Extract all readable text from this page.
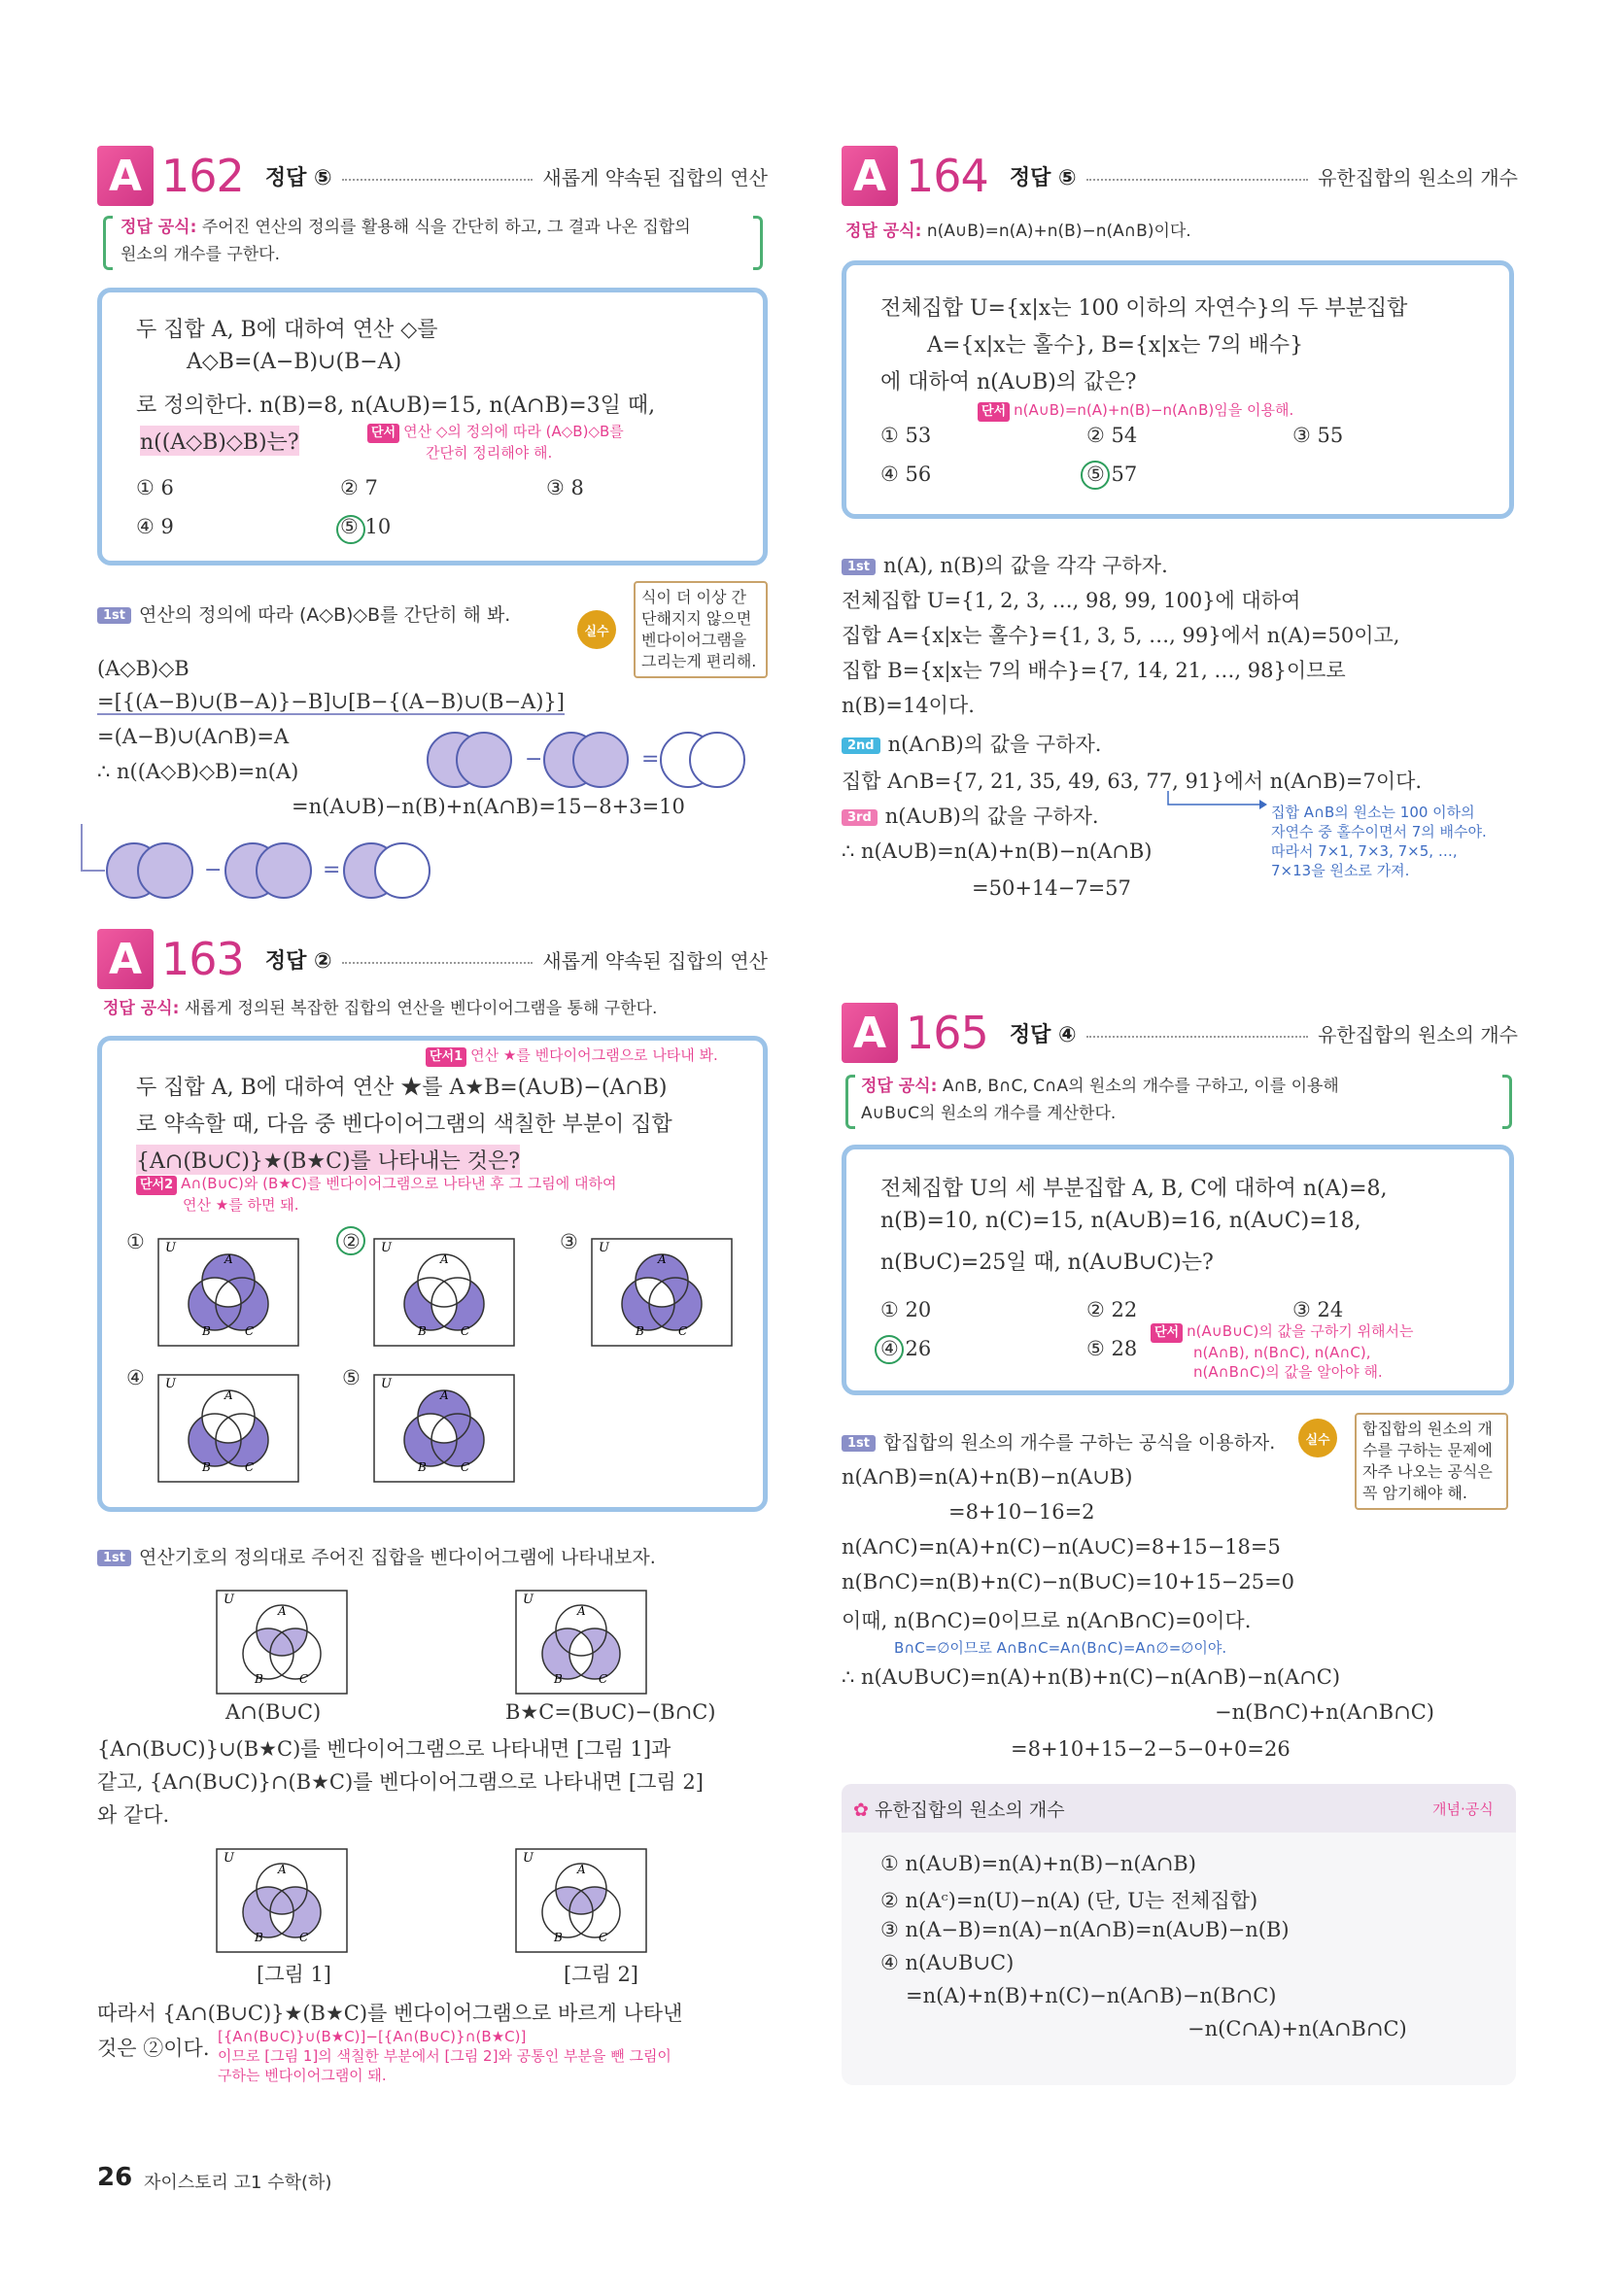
A 162 정답 ⑤	새롭게 약속된 집합의 연산
정답 공식: 주어진 연산의 정의를 활용해 식을 간단히 하고, 그 결과 나온 집합의
원소의 개수를 구한다.
두 집합 A, B에 대하여 연산 ◇를
A◇B=(A−B)∪(B−A)
로 정의한다. n(B)=8, n(A∪B)=15, n(A∩B)=3일 때,
n((A◇B)◇B)는?	단서 연산 ◇의 정의에 따라 (A◇B)◇B를
간단히 정리해야 해.
① 6	② 7	③ 8
④ 9	⑤ 10
1st 연산의 정의에 따라 (A◇B)◇B를 간단히 해 봐.
실수
식이 더 이상 간
단해지지 않으면
벤다이어그램을
그리는게 편리해.
(A◇B)◇B
=[{(A−B)∪(B−A)}−B]∪[B−{(A−B)∪(B−A)}]
=(A−B)∪(A∩B)=A
∴ n((A◇B)◇B)=n(A)
=n(A∪B)−n(B)+n(A∩B)=15−8+3=10
−	=
−	=
A 163 정답 ②	새롭게 약속된 집합의 연산
정답 공식: 새롭게 정의된 복잡한 집합의 연산을 벤다이어그램을 통해 구한다.
단서1 연산 ★를 벤다이어그램으로 나타내 봐.
두 집합 A, B에 대하여 연산 ★를 A★B=(A∪B)−(A∩B)
로 약속할 때, 다음 중 벤다이어그램의 색칠한 부분이 집합
{A∩(B∪C)}★(B★C)를 나타내는 것은?
단서2 A∩(B∪C)와 (B★C)를 벤다이어그램으로 나타낸 후 그 그림에 대하여
연산 ★를 하면 돼.
① U
A
B	C
② U
A
B	C
③ U
A
B	C
④ U
A
B	C
⑤ U
A
B	C
1st 연산기호의 정의대로 주어진 집합을 벤다이어그램에 나타내보자.
U
A
B	C
U
A
B	C
A∩(B∪C)	B★C=(B∪C)−(B∩C)
{A∩(B∪C)}∪(B★C)를 벤다이어그램으로 나타내면 [그림 1]과
같고, {A∩(B∪C)}∩(B★C)를 벤다이어그램으로 나타내면 [그림 2]
와 같다.
U
A
B	C
U
A
B	C
[그림 1]	[그림 2]
따라서 {A∩(B∪C)}★(B★C)를 벤다이어그램으로 바르게 나타낸
것은 ②이다. [{A∩(B∪C)}∪(B★C)]−[{A∩(B∪C)}∩(B★C)]
이므로 [그림 1]의 색칠한 부분에서 [그림 2]와 공통인 부분을 뺀 그림이
구하는 벤다이어그램이 돼.
A 164 정답 ⑤	유한집합의 원소의 개수
정답 공식: n(A∪B)=n(A)+n(B)−n(A∩B)이다.
전체집합 U={x|x는 100 이하의 자연수}의 두 부분집합
A={x|x는 홀수}, B={x|x는 7의 배수}
에 대하여 n(A∪B)의 값은?
단서 n(A∪B)=n(A)+n(B)−n(A∩B)임을 이용해.
① 53	② 54	③ 55
④ 56	⑤ 57
1st n(A), n(B)의 값을 각각 구하자.
전체집합 U={1, 2, 3, …, 98, 99, 100}에 대하여
집합 A={x|x는 홀수}={1, 3, 5, …, 99}에서 n(A)=50이고,
집합 B={x|x는 7의 배수}={7, 14, 21, …, 98}이므로
n(B)=14이다.
2nd n(A∩B)의 값을 구하자.
집합 A∩B={7, 21, 35, 49, 63, 77, 91}에서 n(A∩B)=7이다.
3rd n(A∪B)의 값을 구하자.	집합 A∩B의 원소는 100 이하의
자연수 중 홀수이면서 7의 배수야.
따라서 7×1, 7×3, 7×5, …,
7×13을 원소로 가져.
∴ n(A∪B)=n(A)+n(B)−n(A∩B)
=50+14−7=57
A 165 정답 ④	유한집합의 원소의 개수
정답 공식: A∩B, B∩C, C∩A의 원소의 개수를 구하고, 이를 이용해
A∪B∪C의 원소의 개수를 계산한다.
전체집합 U의 세 부분집합 A, B, C에 대하여 n(A)=8,
n(B)=10, n(C)=15, n(A∪B)=16, n(A∪C)=18,
n(B∪C)=25일 때, n(A∪B∪C)는?
① 20	② 22	③ 24
④ 26	⑤ 28
단서 n(A∪B∪C)의 값을 구하기 위해서는
n(A∩B), n(B∩C), n(A∩C),
n(A∩B∩C)의 값을 알아야 해.
1st 합집합의 원소의 개수를 구하는 공식을 이용하자.	실수
합집합의 원소의 개
수를 구하는 문제에
자주 나오는 공식은
꼭 암기해야 해.
n(A∩B)=n(A)+n(B)−n(A∪B)
=8+10−16=2
n(A∩C)=n(A)+n(C)−n(A∪C)=8+15−18=5
n(B∩C)=n(B)+n(C)−n(B∪C)=10+15−25=0
이때, n(B∩C)=0이므로 n(A∩B∩C)=0이다.
B∩C=∅이므로 A∩B∩C=A∩(B∩C)=A∩∅=∅이야.
∴ n(A∪B∪C)=n(A)+n(B)+n(C)−n(A∩B)−n(A∩C)
−n(B∩C)+n(A∩B∩C)
=8+10+15−2−5−0+0=26
✿ 유한집합의 원소의 개수	개념·공식
① n(A∪B)=n(A)+n(B)−n(A∩B)
② n(Aᶜ)=n(U)−n(A) (단, U는 전체집합)
③ n(A−B)=n(A)−n(A∩B)=n(A∪B)−n(B)
④ n(A∪B∪C)
=n(A)+n(B)+n(C)−n(A∩B)−n(B∩C)
−n(C∩A)+n(A∩B∩C)
26 자이스토리 고1 수학(하)
